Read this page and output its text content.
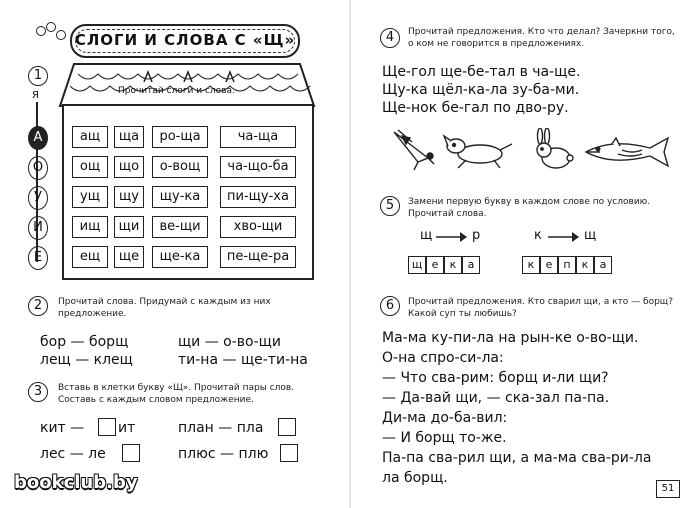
СЛОГИ И СЛОВА С «Щ»
1
Я	Прочитай слоги и слова.
А
О
У
И
Е
ащ	ща	ро-ща	ча-ща
ощ	що	о-вощ	ча-що-ба
ущ	щу	щу-ка	пи-щу-ха
ищ	щи	ве-щи	хво-щи
ещ	ще	ще-ка	пе-ще-ра
2	Прочитай слова. Придумай с каждым из них предложение.
бор — борщ	щи — о-во-щи
лещ — клещ	ти-на — ще-ти-на
3	Вставь в клетки букву «Щ». Прочитай пары слов. Составь с каждым словом предложение.
кит — ит	план — пла
лес — ле	плюс — плю
bookclub.by
4	Прочитай предложения. Кто что делал? Зачеркни того, о ком не говорится в предложениях.
Ще-гол ще-бе-тал в ча-ще.
Щу-ка щёл-ка-ла зу-ба-ми.
Ще-нок бе-гал по дво-ру.
5	Замени первую букву в каждом слове по условию. Прочитай слова.
щ	р	к	щ
щ е	к	а	к	е	п	к	а
6	Прочитай предложения. Кто сварил щи, а кто — борщ? Какой суп ты любишь?
Ма-ма ку-пи-ла на рын-ке о-во-щи.
О-на спро-си-ла:
— Что сва-рим: борщ и-ли щи?
— Да-вай щи, — ска-зал па-па.
Ди-ма до-ба-вил:
— И борщ то-же.
Па-па сва-рил щи, а ма-ма сва-ри-ла
ла борщ.
51
